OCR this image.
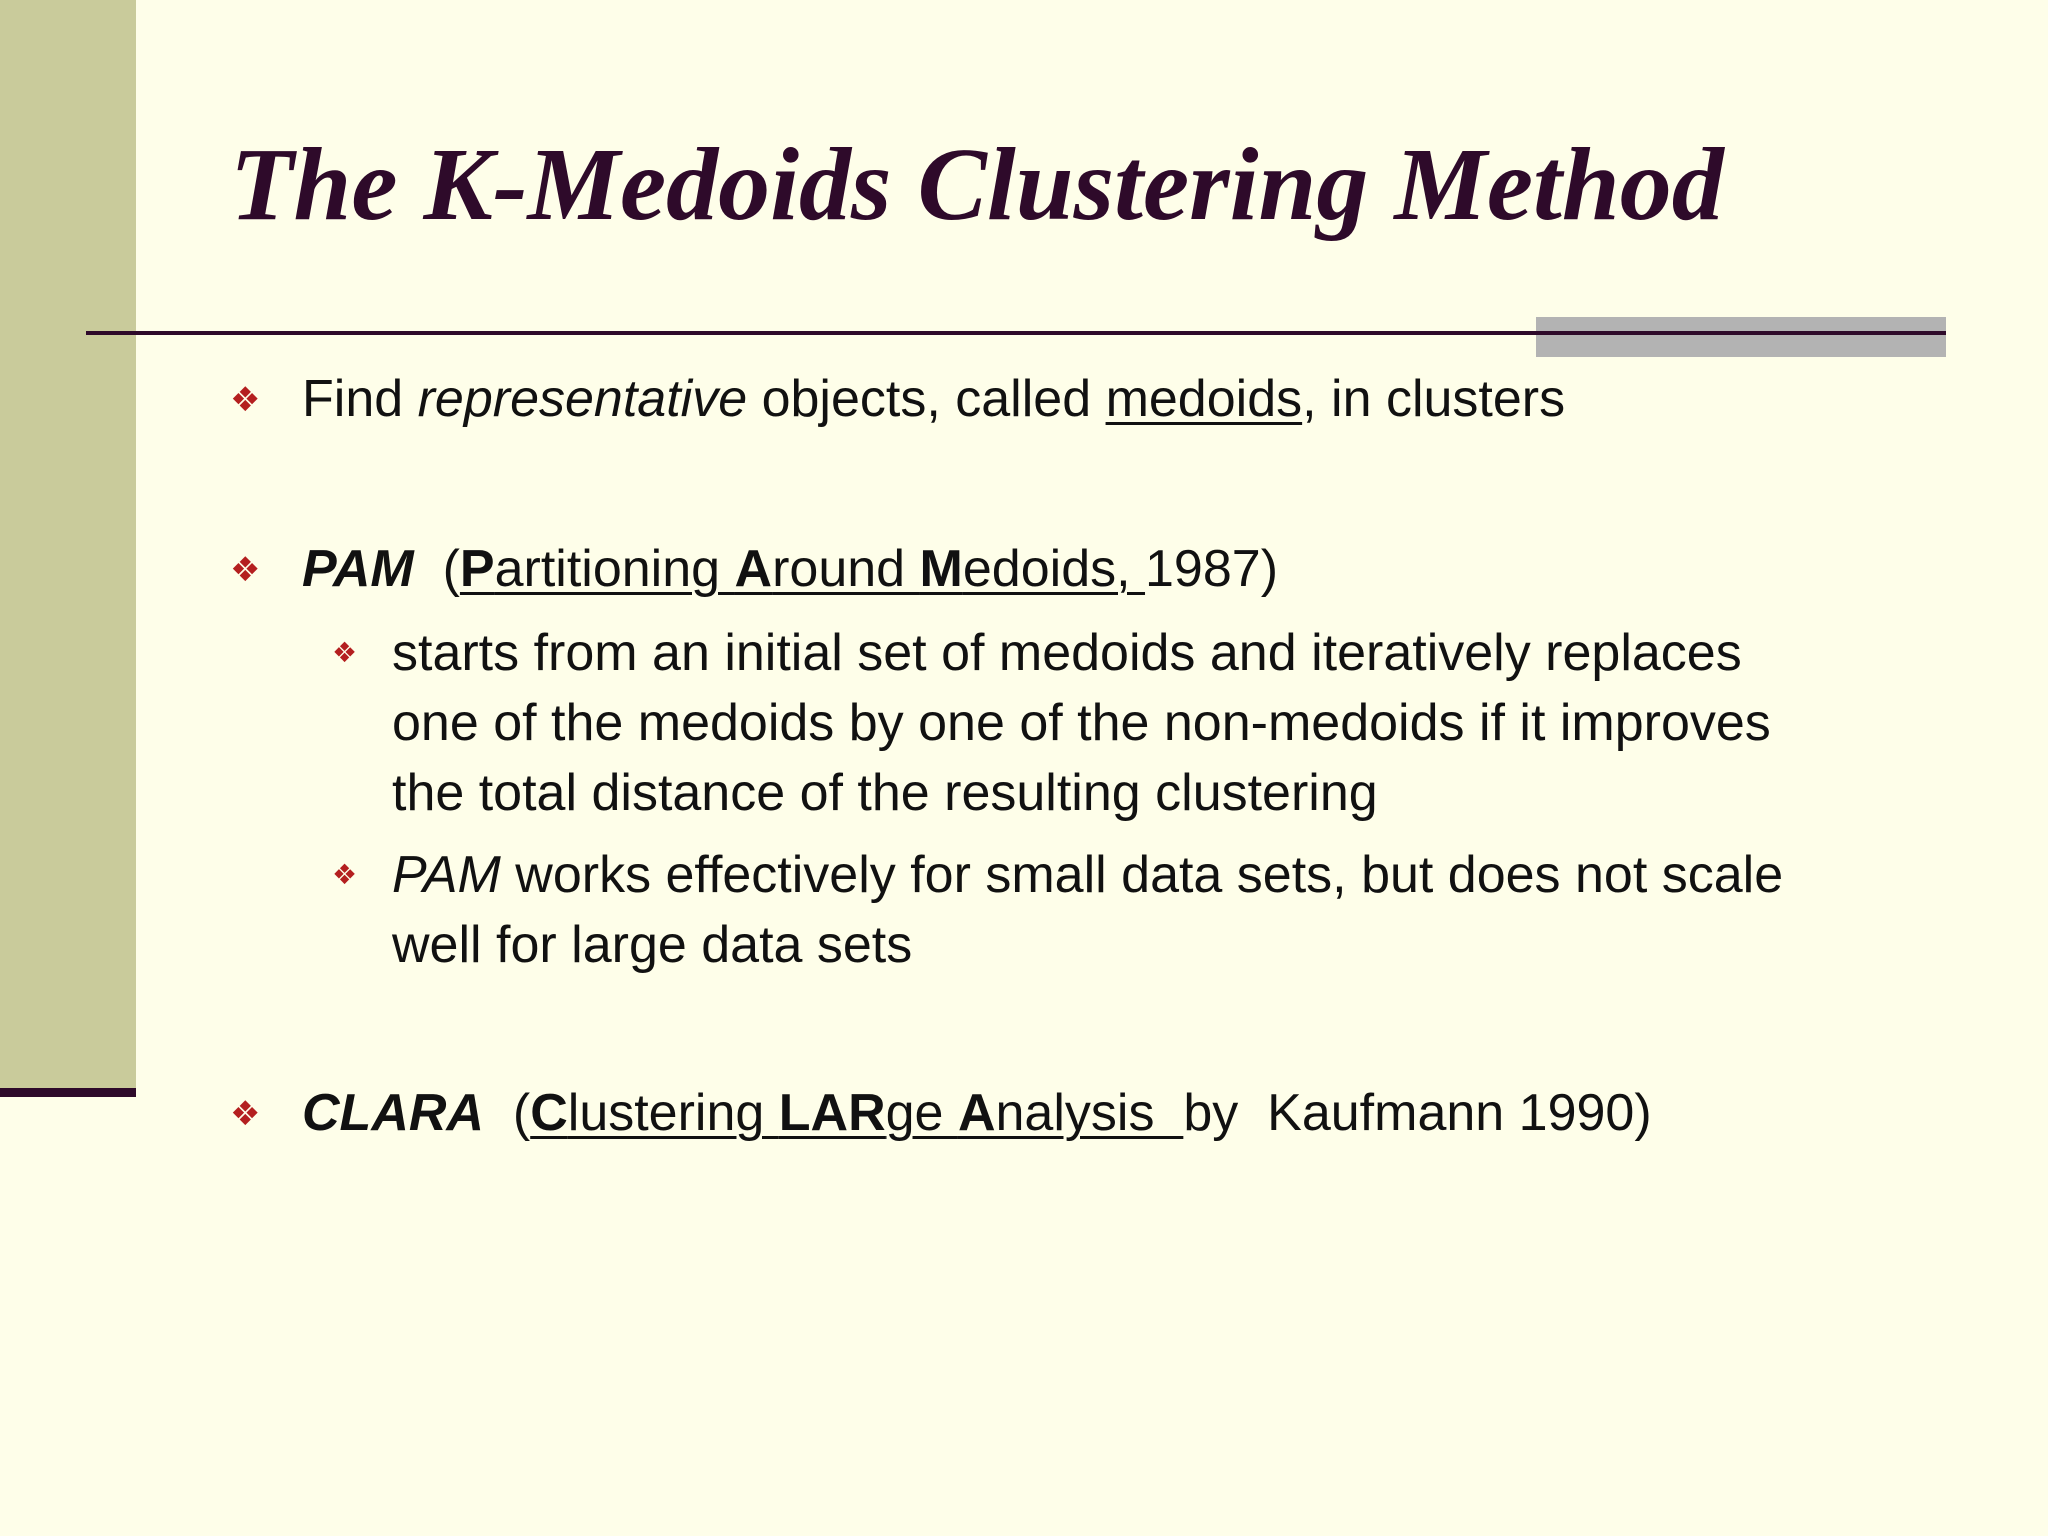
The K-Medoids Clustering Method
❖ Find representative objects, called medoids, in clusters
❖ PAM  (Partitioning Around Medoids, 1987)
❖ starts from an initial set of medoids and iteratively replaces
one of the medoids by one of the non-medoids if it improves
the total distance of the resulting clustering
❖ PAM works effectively for small data sets, but does not scale
well for large data sets
❖ CLARA  (Clustering LARge Analysis  by  Kaufmann 1990)
